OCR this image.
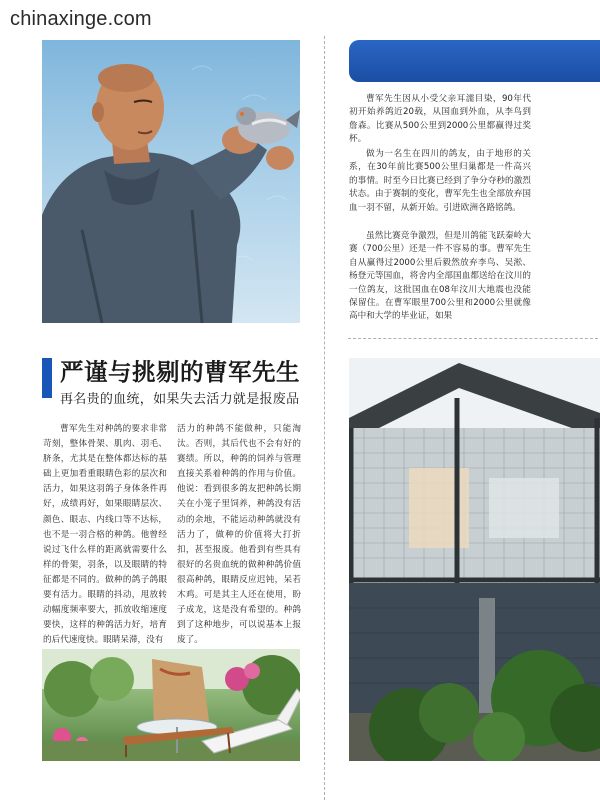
chinaxinge.com

曹军先生因从小受父亲耳濡目染，90年代初开始养鸽近20载，从国血到外血，从李鸟到詹森。比赛从500公里到2000公里都赢得过奖杯。

做为一名生在四川的鸽友，由于地形的关系，在30年前比赛500公里归巢都是一件高兴的事情。时至今日比赛已经到了争分夺秒的激烈状态。由于赛制的变化，曹军先生也全部放弃国血一羽不留，从新开始。引进欧洲各路铭鸽。

虽然比赛竞争激烈，但是川鸽能飞跃秦岭大赛（700公里）还是一件不容易的事。曹军先生自从赢得过2000公里后毅然放弃李鸟、吴淞、杨登元等国血，将舍内全部国血都送给在汶川的一位鸽友，这批国血在08年汶川大地震也没能保留住。在曹军眼里700公里和2000公里就像高中和大学的毕业证，如果

严谨与挑剔的曹军先生

再名贵的血统，如果失去活力就是报废品

曹军先生对种鸽的要求非常苛刻，整体骨架、肌肉、羽毛、脐条，尤其是在整体都达标的基础上更加看重眼睛色彩的层次和活力，如果这羽鸽子身体条件再好，成绩再好，如果眼睛层次、颜色、眼志、内线口等不达标，也不是一羽合格的种鸽。他曾经说过飞什么样的距离就需要什么样的骨架，羽条，以及眼睛的特征都是不同的。做种的鸽子鸽眼要有活力。眼睛的抖动，甩放转动幅度频率要大，抓放收缩速度要快，这样的种鸽活力好，培育的后代速度快。眼睛呆滞，没有

活力的种鸽不能做种，只能淘汰。否则，其后代也不会有好的赛绩。所以，种鸽的饲养与管理直接关系着种鸽的作用与价值。他说：看到很多鸽友把种鸽长期关在小笼子里饲养，种鸽没有活动的余地，不能运动种鸽就没有活力了，做种的价值将大打折扣，甚至报废。他看到有些具有很好的名贵血统的做种种鸽价值很高种鸽，眼睛反应迟钝，呆若木鸡。可是其主人还在使用，盼子成龙，这是没有希望的。种鸽到了这种地步，可以说基本上报废了。
